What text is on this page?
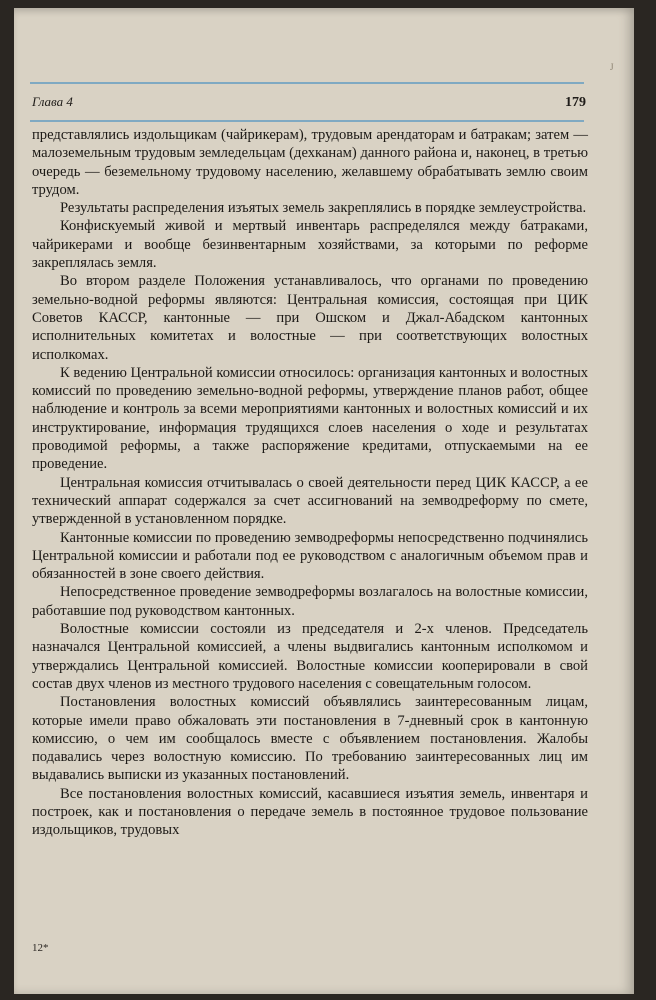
J
Глава 4	179

представлялись издольщикам (чайрикерам), трудовым арендаторам и батракам; затем — малоземельным трудовым земледельцам (дехканам) данного района и, наконец, в третью очередь — беземельному трудовому населению, желавшему обрабатывать землю своим трудом.

Результаты распределения изъятых земель закреплялись в порядке землеустройства.

Конфискуемый живой и мертвый инвентарь распределялся между батраками, чайрикерами и вообще безинвентарным хозяйствами, за которыми по реформе закреплялась земля.

Во втором разделе Положения устанавливалось, что органами по проведению земельно-водной реформы являются: Центральная комиссия, состоящая при ЦИК Советов КАССР, кантонные — при Ошском и Джал-Абадском кантонных исполнительных комитетах и волостные — при соответствующих волостных исполкомах.

К ведению Центральной комиссии относилось: организация кантонных и волостных комиссий по проведению земельно-водной реформы, утверждение планов работ, общее наблюдение и контроль за всеми мероприятиями кантонных и волостных комиссий и их инструктирование, информация трудящихся слоев населения о ходе и результатах проводимой реформы, а также распоряжение кредитами, отпускаемыми на ее проведение.

Центральная комиссия отчитывалась о своей деятельности перед ЦИК КАССР, а ее технический аппарат содержался за счет ассигнований на земводреформу по смете, утвержденной в установленном порядке.

Кантонные комиссии по проведению земводреформы непосредственно подчинялись Центральной комиссии и работали под ее руководством с аналогичным объемом прав и обязанностей в зоне своего действия.

Непосредственное проведение земводреформы возлагалось на волостные комиссии, работавшие под руководством кантонных.

Волостные комиссии состояли из председателя и 2-х членов. Председатель назначался Центральной комиссией, а члены выдвигались кантонным исполкомом и утверждались Центральной комиссией. Волостные комиссии кооперировали в свой состав двух членов из местного трудового населения с совещательным голосом.

Постановления волостных комиссий объявлялись заинтересованным лицам, которые имели право обжаловать эти постановления в 7-дневный срок в кантонную комиссию, о чем им сообщалось вместе с объявлением постановления. Жалобы подавались через волостную комиссию. По требованию заинтересованных лиц им выдавались выписки из указанных постановлений.

Все постановления волостных комиссий, касавшиеся изъятия земель, инвентаря и построек, как и постановления о передаче земель в постоянное трудовое пользование издольщиков, трудовых

12*
